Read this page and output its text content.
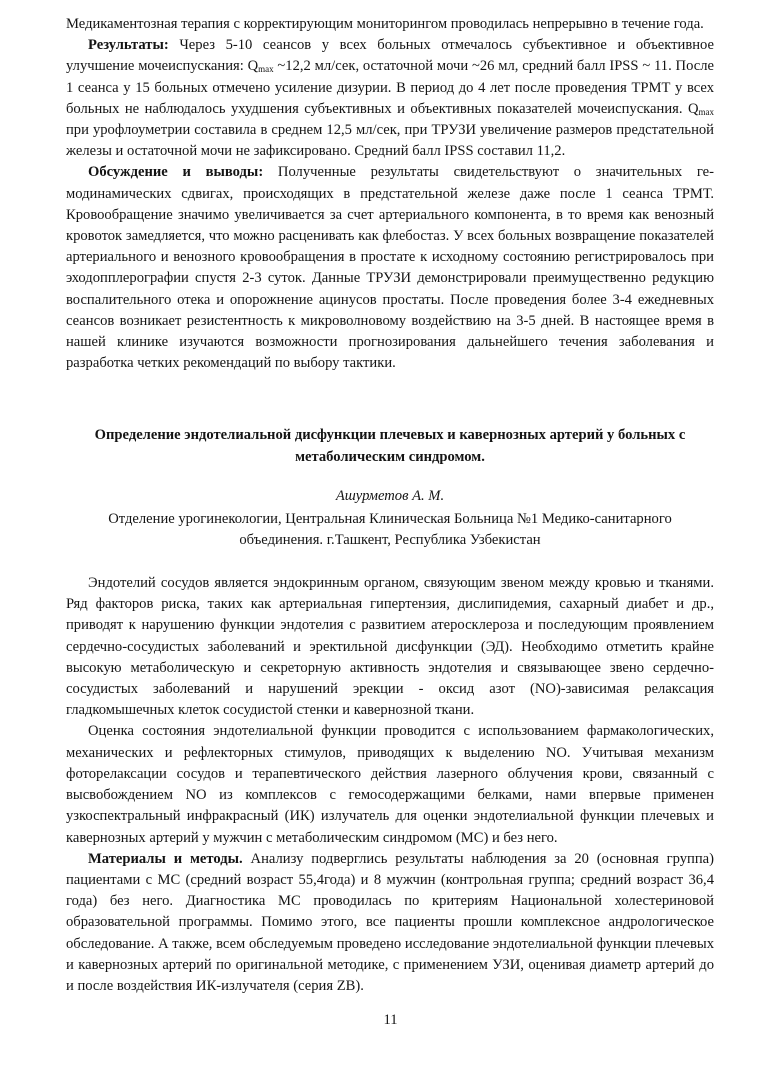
Медикаментозная терапия с корректирующим мониторингом проводилась непрерывно в течение года.

Результаты: Через 5-10 сеансов у всех больных отмечалось субъективное и объективное улучшение мочеиспускания: $Q_{max}$ ~12,2 мл/сек, остаточной мочи ~26 мл, средний балл IPSS ~ 11. После 1 сеанса у 15 больных отмечено усиление дизурии. В период до 4 лет после проведения ТРМТ у всех больных не наблюдалось ухудшения субъективных и объективных показателей мочеиспускания. $Q_{max}$ при урофлоуметрии составила в среднем 12,5 мл/сек, при ТРУЗИ увеличение размеров предстательной железы и остаточной мочи не зафиксировано. Средний балл IPSS составил 11,2.

Обсуждение и выводы: Полученные результаты свидетельствуют о значительных гемодинамических сдвигах, происходящих в предстательной железе даже после 1 сеанса ТРМТ. Кровообращение значимо увеличивается за счет артериального компонента, в то время как венозный кровоток замедляется, что можно расценивать как флебостаз. У всех больных возвращение показателей артериального и венозного кровообращения в простате к исходному состоянию регистрировалось при эходопплерографии спустя 2-3 суток. Данные ТРУЗИ демонстрировали преимущественно редукцию воспалительного отека и опорожнение ацинусов простаты. После проведения более 3-4 ежедневных сеансов возникает резистентность к микроволновому воздействию на 3-5 дней. В настоящее время в нашей клинике изучаются возможности прогнозирования дальнейшего течения заболевания и разработка четких рекомендаций по выбору тактики.

Определение эндотелиальной дисфункции плечевых и кавернозных артерий у больных с метаболическим синдромом.

Ашурметов А. М.

Отделение урогинекологии, Центральная Клиническая Больница №1 Медико-санитарного объединения. г.Ташкент, Республика Узбекистан

Эндотелий сосудов является эндокринным органом, связующим звеном между кровью и тканями. Ряд факторов риска, таких как артериальная гипертензия, дислипидемия, сахарный диабет и др., приводят к нарушению функции эндотелия с развитием атеросклероза и последующим проявлением сердечно-сосудистых заболеваний и эректильной дисфункции (ЭД). Необходимо отметить крайне высокую метаболическую и секреторную активность эндотелия и связывающее звено сердечно-сосудистых заболеваний и нарушений эрекции - оксид азот (NO)-зависимая релаксация гладкомышечных клеток сосудистой стенки и кавернозной ткани.

Оценка состояния эндотелиальной функции проводится с использованием фармакологических, механических и рефлекторных стимулов, приводящих к выделению NO. Учитывая механизм фоторелаксации сосудов и терапевтического действия лазерного облучения крови, связанный с высвобождением NO из комплексов с гемосодержащими белками, нами впервые применен узкоспектральный инфракрасный (ИК) излучатель для оценки эндотелиальной функции плечевых и кавернозных артерий у мужчин с метаболическим синдромом (МС) и без него.

Материалы и методы. Анализу подверглись результаты наблюдения за 20 (основная группа) пациентами с МС (средний возраст 55,4года) и 8 мужчин (контрольная группа; средний возраст 36,4 года) без него. Диагностика МС проводилась по критериям Национальной холестериновой образовательной программы. Помимо этого, все пациенты прошли комплексное андрологическое обследование. А также, всем обследуемым проведено исследование эндотелиальной функции плечевых и кавернозных артерий по оригинальной методике, с применением УЗИ, оценивая диаметр артерий до и после воздействия ИК-излучателя (серия ZB).

11
